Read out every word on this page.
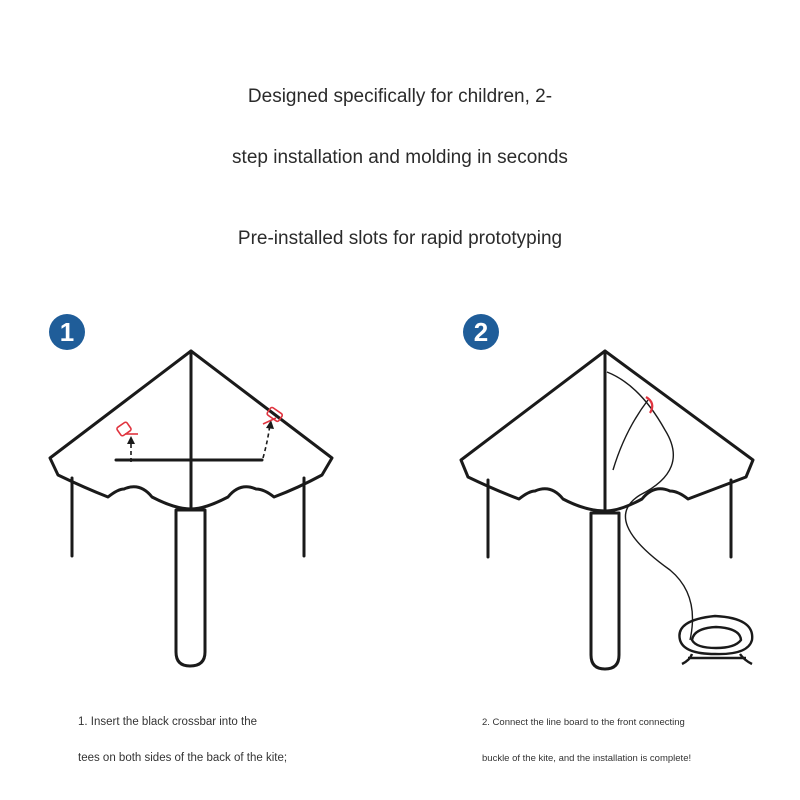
Designed specifically for children, 2-
step installation and molding in seconds
Pre-installed slots for rapid prototyping
1	2
1. Insert the black crossbar into the
tees on both sides of the back of the kite;
2. Connect the line board to the front connecting
buckle of the kite, and the installation is complete!
